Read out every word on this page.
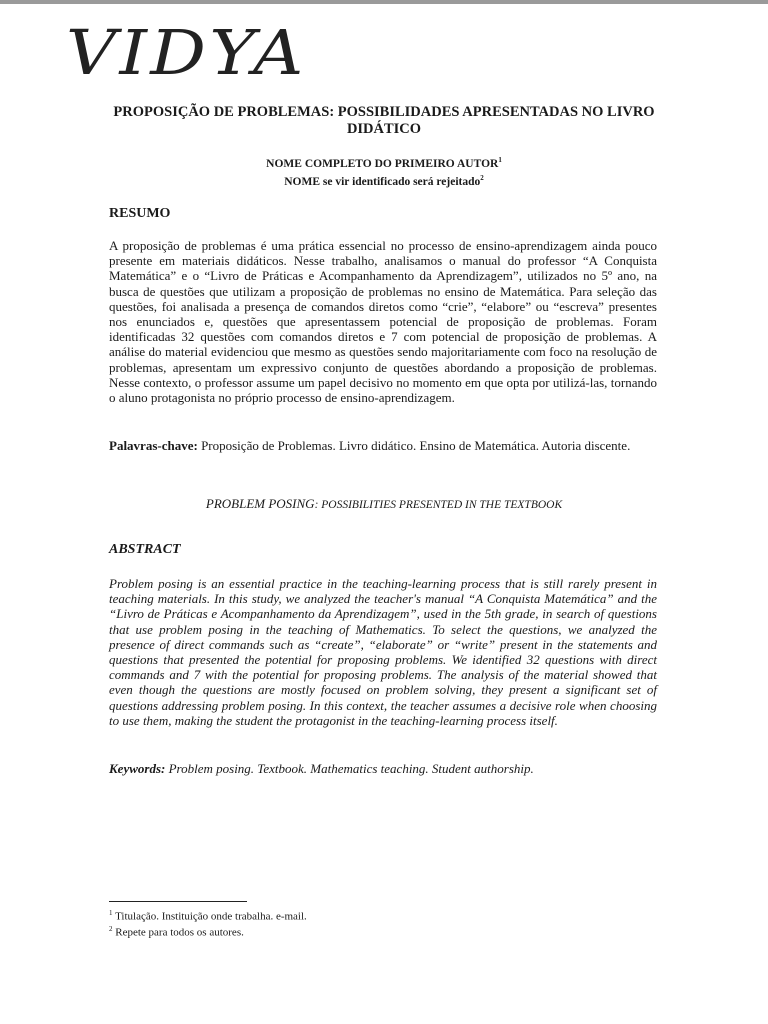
VIDYA
PROPOSIÇÃO DE PROBLEMAS: POSSIBILIDADES APRESENTADAS NO LIVRO DIDÁTICO
NOME COMPLETO DO PRIMEIRO AUTOR$^1$
NOME se vir identificado será rejeitado$^2$
RESUMO
A proposição de problemas é uma prática essencial no processo de ensino-aprendizagem ainda pouco presente em materiais didáticos. Nesse trabalho, analisamos o manual do professor “A Conquista Matemática” e o “Livro de Práticas e Acompanhamento da Aprendizagem”, utilizados no 5º ano, na busca de questões que utilizam a proposição de problemas no ensino de Matemática. Para seleção das questões, foi analisada a presença de comandos diretos como “crie”, “elabore” ou “escreva” presentes nos enunciados e, questões que apresentassem potencial de proposição de problemas. Foram identificadas 32 questões com comandos diretos e 7 com potencial de proposição de problemas. A análise do material evidenciou que mesmo as questões sendo majoritariamente com foco na resolução de problemas, apresentam um expressivo conjunto de questões abordando a proposição de problemas. Nesse contexto, o professor assume um papel decisivo no momento em que opta por utilizá-las, tornando o aluno protagonista no próprio processo de ensino-aprendizagem.
Palavras-chave: Proposição de Problemas. Livro didático. Ensino de Matemática. Autoria discente.
PROBLEM POSING: POSSIBILITIES PRESENTED IN THE TEXTBOOK
ABSTRACT
Problem posing is an essential practice in the teaching-learning process that is still rarely present in teaching materials. In this study, we analyzed the teacher's manual “A Conquista Matemática” and the “Livro de Práticas e Acompanhamento da Aprendizagem”, used in the 5th grade, in search of questions that use problem posing in the teaching of Mathematics. To select the questions, we analyzed the presence of direct commands such as “create”, “elaborate” or “write” present in the statements and questions that presented the potential for proposing problems. We identified 32 questions with direct commands and 7 with the potential for proposing problems. The analysis of the material showed that even though the questions are mostly focused on problem solving, they present a significant set of questions addressing problem posing. In this context, the teacher assumes a decisive role when choosing to use them, making the student the protagonist in the teaching-learning process itself.
Keywords: Problem posing. Textbook. Mathematics teaching. Student authorship.
$^1$ Titulação. Instituição onde trabalha. e-mail.
$^2$ Repete para todos os autores.
